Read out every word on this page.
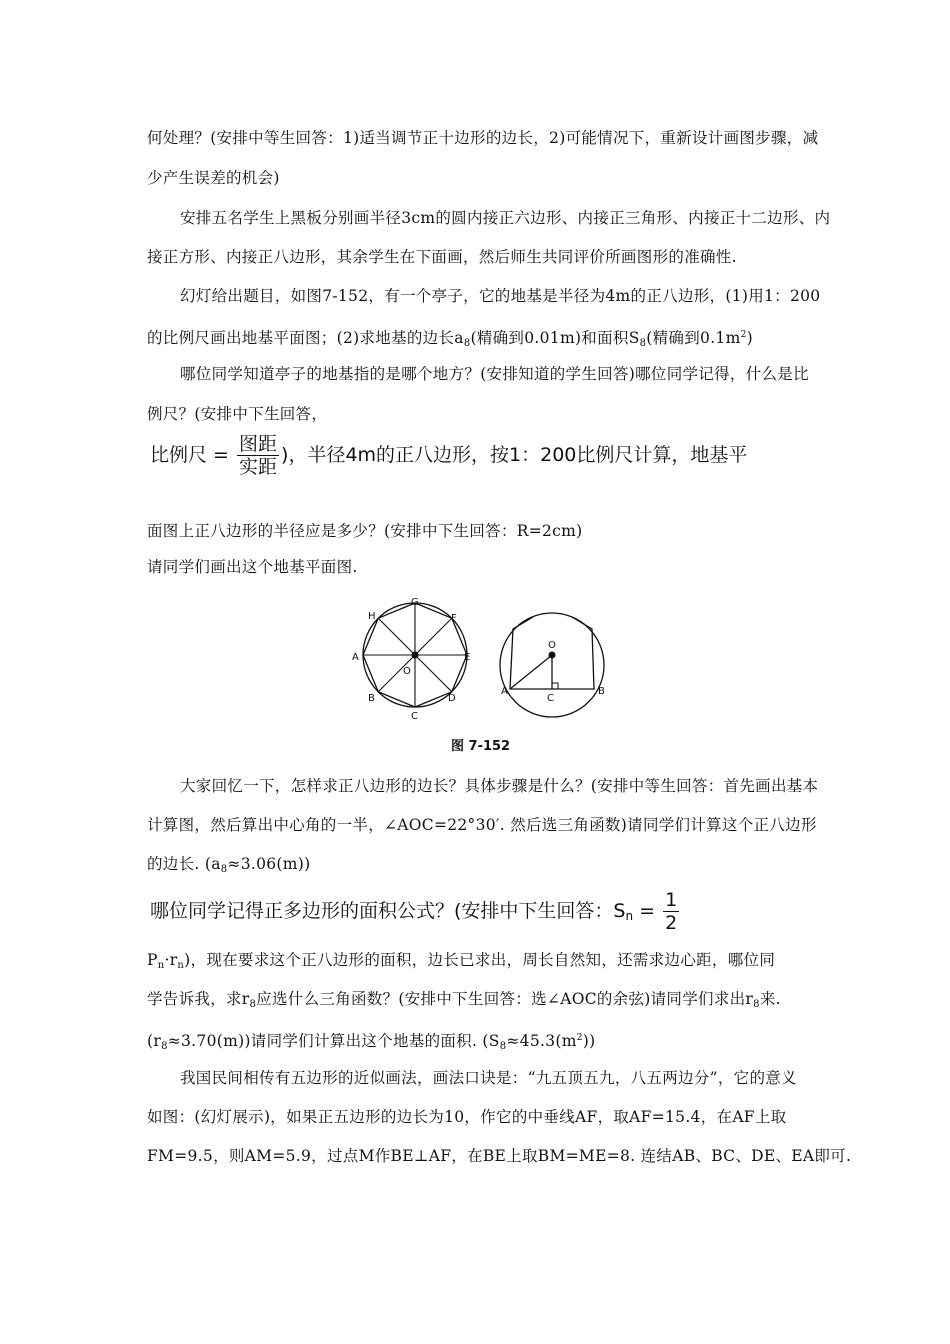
何处理？(安排中等生回答：1)适当调节正十边形的边长，2)可能情况下，重新设计画图步骤，减
少产生误差的机会)
安排五名学生上黑板分别画半径3cm的圆内接正六边形、内接正三角形、内接正十二边形、内
接正方形、内接正八边形，其余学生在下面画，然后师生共同评价所画图形的准确性.
幻灯给出题目，如图7-152，有一个亭子，它的地基是半径为4m的正八边形，(1)用1：200
的比例尺画出地基平面图；(2)求地基的边长$a_8$(精确到0.01m)和面积$S_8$(精确到$0.1m^2$)
哪位同学知道亭子的地基指的是哪个地方？(安排知道的学生回答)哪位同学记得，什么是比
例尺？(安排中下生回答，
比例尺 = $\frac{\text{图距}}{\text{实距}}$ )，半径4m的正八边形，按1：200比例尺计算，地基平
面图上正八边形的半径应是多少？(安排中下生回答：R=2cm)
请同学们画出这个地基平面图.
G
F
E
D
C
B
A
H
O
O
A
C
B
图 7-152
大家回忆一下，怎样求正八边形的边长？具体步骤是什么？(安排中等生回答：首先画出基本
计算图，然后算出中心角的一半，∠AOC=22°30′. 然后选三角函数)请同学们计算这个正八边形
的边长. $(a_8\approx 3.06(m))$
哪位同学记得正多边形的面积公式？(安排中下生回答：$S_n = \frac{1}{2}$
$P_n\cdot r_n$)，现在要求这个正八边形的面积，边长已求出，周长自然知，还需求边心距，哪位同
学告诉我，求$r_8$应选什么三角函数？(安排中下生回答：选∠AOC的余弦)请同学们求出$r_8$来.
$(r_8\approx 3.70(m))$请同学们计算出这个地基的面积. $(S_8\approx 45.3(m^2))$
我国民间相传有五边形的近似画法，画法口诀是：“九五顶五九，八五两边分”，它的意义
如图：(幻灯展示)，如果正五边形的边长为10，作它的中垂线AF，取AF=15.4，在AF上取
FM=9.5，则AM=5.9，过点M作BE⊥AF，在BE上取BM=ME=8. 连结AB、BC、DE、EA即可.
